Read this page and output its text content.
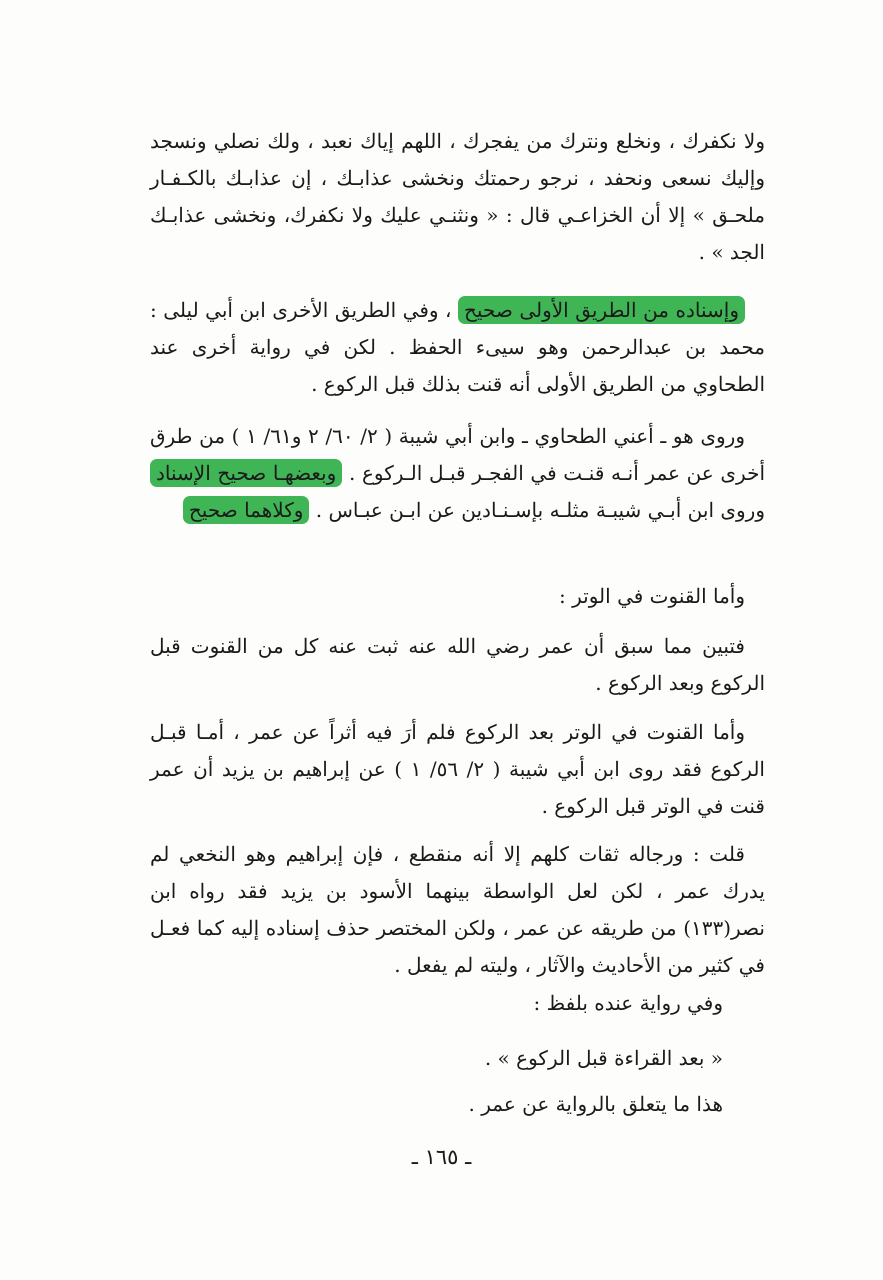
ولا نكفرك ، ونخلع ونترك من يفجرك ، اللهم إياك نعبد ، ولك نصلي ونسجد وإليك نسعى ونحفد ، نرجو رحمتك ونخشى عذابـك ، إن عذابـك بالكـفـار ملحـق » إلا أن الخزاعـي قال : « ونثنـي عليك ولا نكفرك، ونخشى عذابـك الجد » .

وإسناده من الطريق الأولى صحيح ، وفي الطريق الأخرى ابن أبي ليلى : محمد بن عبدالرحمن وهو سيىء الحفظ . لكن في رواية أخرى عند الطحاوي من الطريق الأولى أنه قنت بذلك قبل الركوع .

وروى هو ـ أعني الطحاوي ـ وابن أبي شيبة ( ٢/ ٦٠/ ٢ و٦١/ ١ ) من طرق أخرى عن عمر أنـه قنـت في الفجـر قبـل الـركوع . وبعضهـا صحيح الإسناد وروى ابن أبـي شيبـة مثلـه بإسـنـادين عن ابـن عبـاس . وكلاهما صحيح

وأما القنوت في الوتر :

فتبين مما سبق أن عمر رضي الله عنه ثبت عنه كل من القنوت قبل الركوع وبعد الركوع .

وأما القنوت في الوتر بعد الركوع فلم أرَ فيه أثراً عن عمر ، أمـا قبـل الركوع فقد روى ابن أبي شيبة ( ٢/ ٥٦/ ١ ) عن إبراهيم بن يزيد أن عمر قنت في الوتر قبل الركوع .

قلت : ورجاله ثقات كلهم إلا أنه منقطع ، فإن إبراهيم وهو النخعي لم يدرك عمر ، لكن لعل الواسطة بينهما الأسود بن يزيد فقد رواه ابن نصر(١٣٣) من طريقه عن عمر ، ولكن المختصر حذف إسناده إليه كما فعـل في كثير من الأحاديث والآثار ، وليته لم يفعل .

وفي رواية عنده بلفظ :
« بعد القراءة قبل الركوع » .
هذا ما يتعلق بالرواية عن عمر .
ـ ١٦٥ ـ
